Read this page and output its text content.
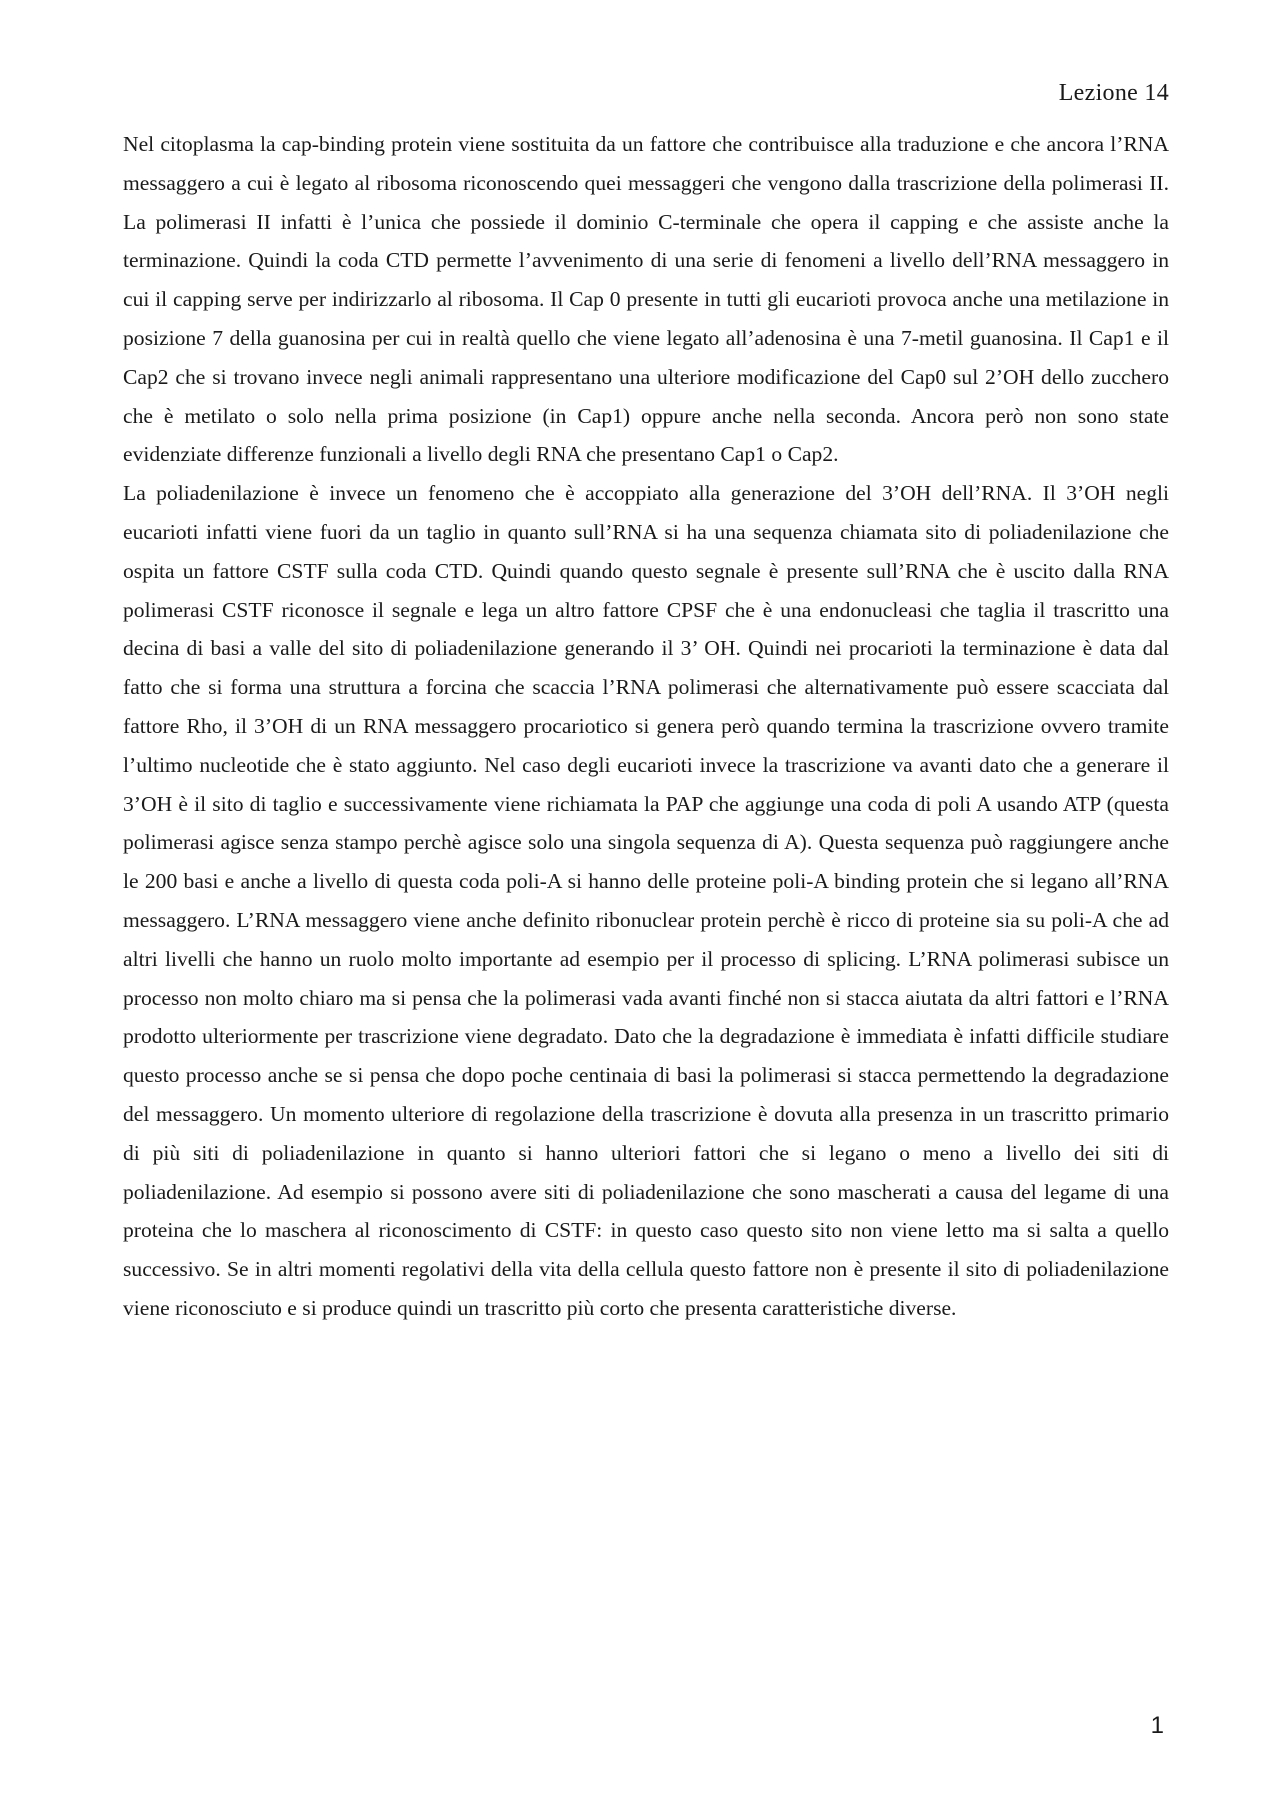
Lezione 14

Nel citoplasma la cap-binding protein viene sostituita da un fattore che contribuisce alla traduzione e che ancora l’RNA messaggero a cui è legato al ribosoma riconoscendo quei messaggeri che vengono dalla trascrizione della polimerasi II. La polimerasi II infatti è l’unica che possiede il dominio C-terminale che opera il capping e che assiste anche la terminazione. Quindi la coda CTD permette l’avvenimento di una serie di fenomeni a livello dell’RNA messaggero in cui il capping serve per indirizzarlo al ribosoma. Il Cap 0 presente in tutti gli eucarioti provoca anche una metilazione in posizione 7 della guanosina per cui in realtà quello che viene legato all’adenosina è una 7-metil guanosina. Il Cap1 e il Cap2 che si trovano invece negli animali rappresentano una ulteriore modificazione del Cap0 sul 2’OH dello zucchero che è metilato o solo nella prima posizione (in Cap1) oppure anche nella seconda. Ancora però non sono state evidenziate differenze funzionali a livello degli RNA che presentano Cap1 o Cap2.

La poliadenilazione è invece un fenomeno che è accoppiato alla generazione del 3’OH dell’RNA. Il 3’OH negli eucarioti infatti viene fuori da un taglio in quanto sull’RNA si ha una sequenza chiamata sito di poliadenilazione che ospita un fattore CSTF sulla coda CTD. Quindi quando questo segnale è presente sull’RNA che è uscito dalla RNA polimerasi CSTF riconosce il segnale e lega un altro fattore CPSF che è una endonucleasi che taglia il trascritto una decina di basi a valle del sito di poliadenilazione generando il 3’ OH. Quindi nei procarioti la terminazione è data dal fatto che si forma una struttura a forcina che scaccia l’RNA polimerasi che alternativamente può essere scacciata dal fattore Rho, il 3’OH di un RNA messaggero procariotico si genera però quando termina la trascrizione ovvero tramite l’ultimo nucleotide che è stato aggiunto. Nel caso degli eucarioti invece la trascrizione va avanti dato che a generare il 3’OH è il sito di taglio e successivamente viene richiamata la PAP che aggiunge una coda di poli A usando ATP (questa polimerasi agisce senza stampo perchè agisce solo una singola sequenza di A). Questa sequenza può raggiungere anche le 200 basi e anche a livello di questa coda poli-A si hanno delle proteine poli-A binding protein che si legano all’RNA messaggero. L’RNA messaggero viene anche definito ribonuclear protein perchè è ricco di proteine sia su poli-A che ad altri livelli che hanno un ruolo molto importante ad esempio per il processo di splicing. L’RNA polimerasi subisce un processo non molto chiaro ma si pensa che la polimerasi vada avanti finché non si stacca aiutata da altri fattori e l’RNA prodotto ulteriormente per trascrizione viene degradato. Dato che la degradazione è immediata è infatti difficile studiare questo processo anche se si pensa che dopo poche centinaia di basi la polimerasi si stacca permettendo la degradazione del messaggero. Un momento ulteriore di regolazione della trascrizione è dovuta alla presenza in un trascritto primario di più siti di poliadenilazione in quanto si hanno ulteriori fattori che si legano o meno a livello dei siti di poliadenilazione. Ad esempio si possono avere siti di poliadenilazione che sono mascherati a causa del legame di una proteina che lo maschera al riconoscimento di CSTF: in questo caso questo sito non viene letto ma si salta a quello successivo. Se in altri momenti regolativi della vita della cellula questo fattore non è presente il sito di poliadenilazione viene riconosciuto e si produce quindi un trascritto più corto che presenta caratteristiche diverse.

1
